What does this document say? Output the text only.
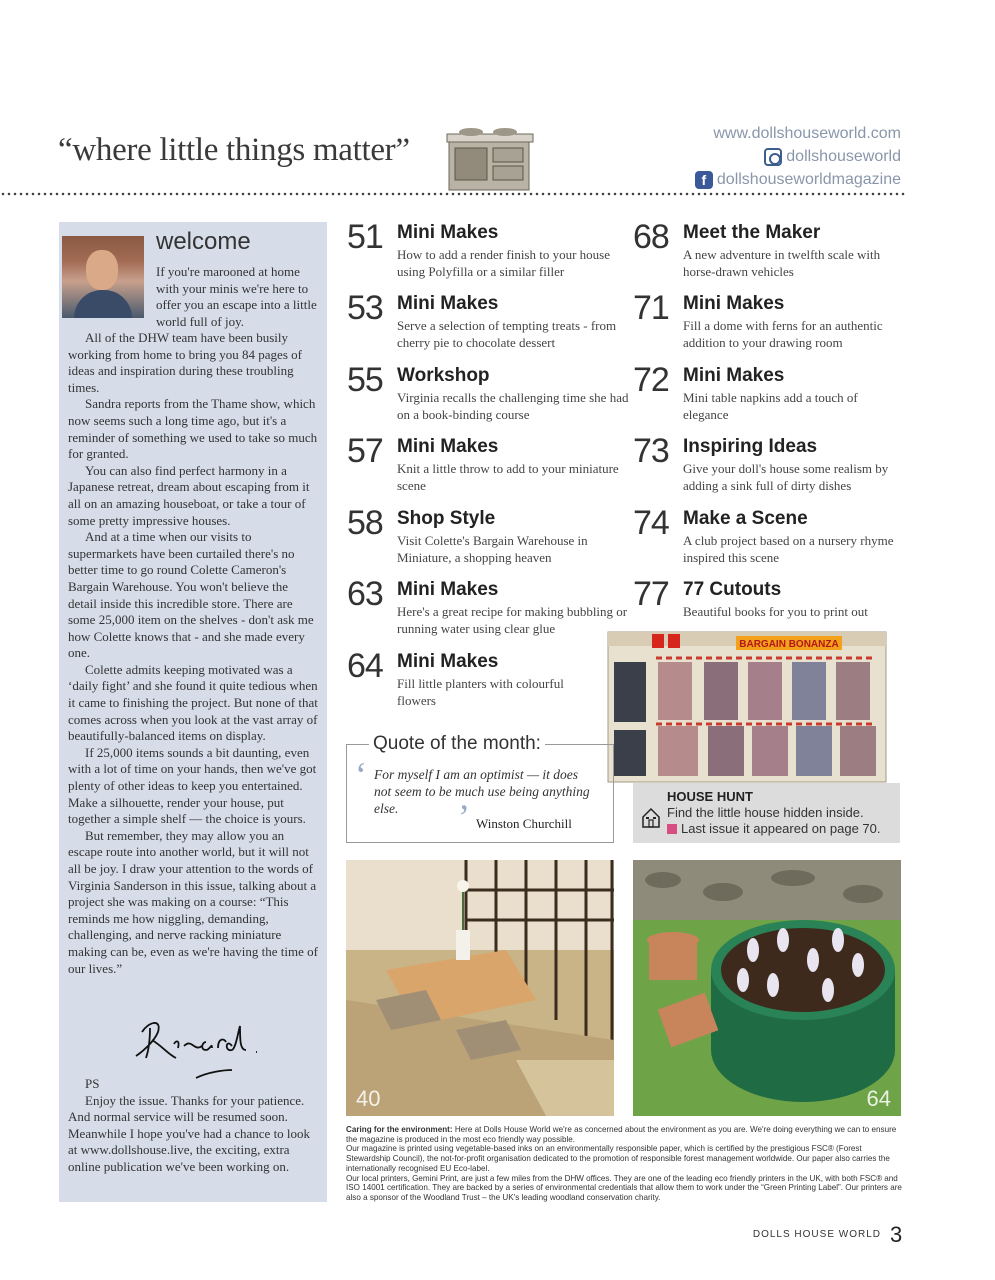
“where little things matter”	www.dollshouseworld.com
dollshouseworld
f dollshouseworldmagazine
welcome
If you're marooned at home with your minis we're here to offer you an escape into a little world full of joy.

All of the DHW team have been busily working from home to bring you 84 pages of ideas and inspiration during these troubling times.

Sandra reports from the Thame show, which now seems such a long time ago, but it's a reminder of something we used to take so much for granted.

You can also find perfect harmony in a Japanese retreat, dream about escaping from it all on an amazing houseboat, or take a tour of some pretty impressive houses.

And at a time when our visits to supermarkets have been curtailed there's no better time to go round Colette Cameron's Bargain Warehouse. You won't believe the detail inside this incredible store. There are some 25,000 item on the shelves - don't ask me how Colette knows that - and she made every one.

Colette admits keeping motivated was a ‘daily fight’ and she found it quite tedious when it came to finishing the project. But none of that comes across when you look at the vast array of beautifully-balanced items on display.

If 25,000 items sounds a bit daunting, even with a lot of time on your hands, then we've got plenty of other ideas to keep you entertained. Make a silhouette, render your house, put together a simple shelf — the choice is yours.

But remember, they may allow you an escape route into another world, but it will not all be joy. I draw your attention to the words of Virginia Sanderson in this issue, talking about a project she was making on a course: “This reminds me how niggling, demanding, challenging, and nerve racking miniature making can be, even as we're having the time of our lives.”

PS
Enjoy the issue. Thanks for your patience. And normal service will be resumed soon. Meanwhile I hope you've had a chance to look at www.dollshouse.live, the exciting, extra online publication we've been working on.
51 Mini Makes
How to add a render finish to your house using Polyfilla or a similar filler
53 Mini Makes
Serve a selection of tempting treats - from cherry pie to chocolate dessert
55 Workshop
Virginia recalls the challenging time she had on a book-binding course
57 Mini Makes
Knit a little throw to add to your miniature scene
58 Shop Style
Visit Colette's Bargain Warehouse in Miniature, a shopping heaven
63 Mini Makes
Here's a great recipe for making bubbling or running water using clear glue
64 Mini Makes
Fill little planters with colourful flowers
68 Meet the Maker
A new adventure in twelfth scale with horse-drawn vehicles
71 Mini Makes
Fill a dome with ferns for an authentic addition to your drawing room
72 Mini Makes
Mini table napkins add a touch of elegance
73 Inspiring Ideas
Give your doll's house some realism by adding a sink full of dirty dishes
74 Make a Scene
A club project based on a nursery rhyme inspired this scene
77 77 Cutouts
Beautiful books for you to print out
BARGAIN BONANZA
HOUSE HUNT
Find the little house hidden inside.
Last issue it appeared on page 70.
Quote of the month:
‘ For myself I am an optimist — it does not seem to be much use being anything else.	’ Winston Churchill
40	64
Caring for the environment: Here at Dolls House World we're as concerned about the environment as you are. We're doing everything we can to ensure the magazine is produced in the most eco friendly way possible.
Our magazine is printed using vegetable-based inks on an environmentally responsible paper, which is certified by the prestigious FSC® (Forest Stewardship Council), the not-for-profit organisation dedicated to the promotion of responsible forest management worldwide. Our paper also carries the internationally recognised EU Eco-label.
Our local printers, Gemini Print, are just a few miles from the DHW offices. They are one of the leading eco friendly printers in the UK, with both FSC® and ISO 14001 certification. They are backed by a series of environmental credentials that allow them to work under the “Green Printing Label”. Our printers are also a sponsor of the Woodland Trust – the UK's leading woodland conservation charity.
DOLLS HOUSE WORLD 3
